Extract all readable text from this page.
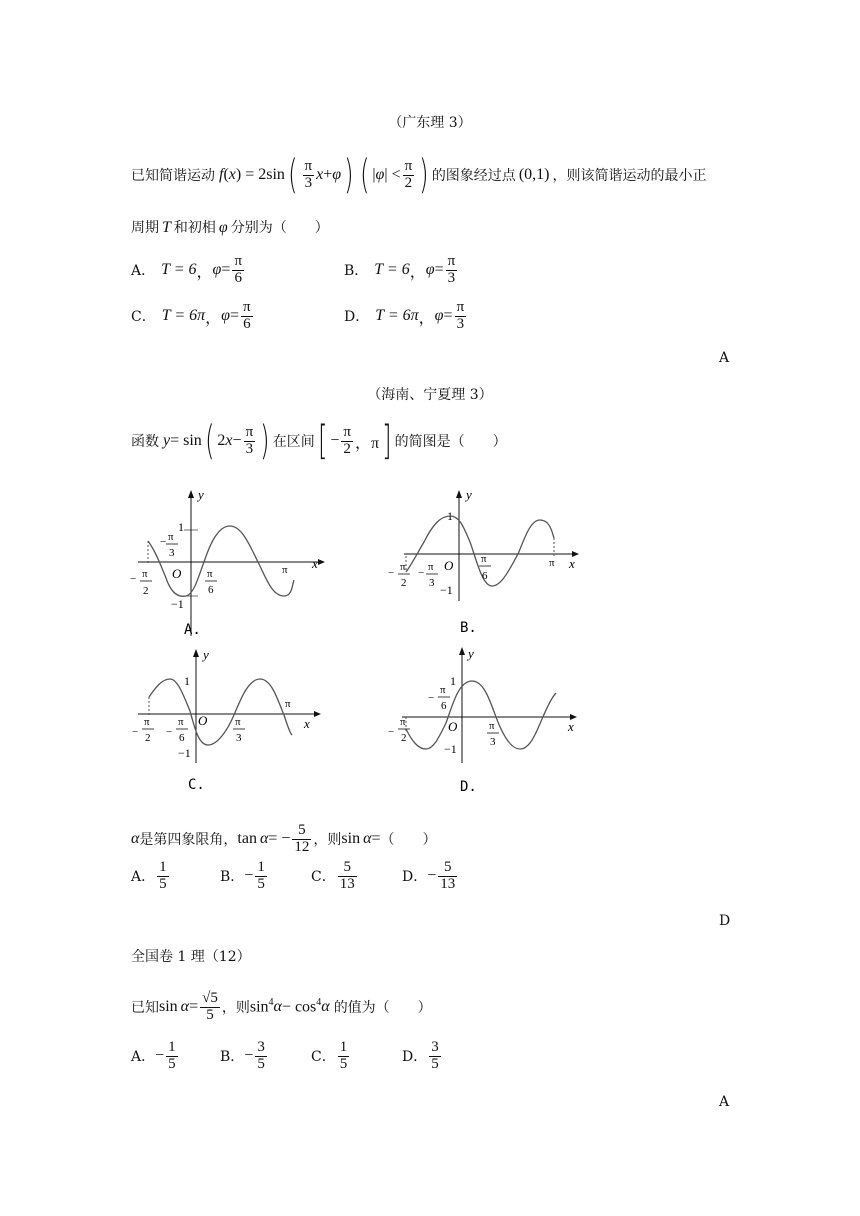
（广东理 3）
已知简谐运动 f ( x ) = 2sin ( $\frac{\pi}{3}$ x + φ ) ( | φ | < $\frac{\pi}{2}$ ) 的图象经过点 (0,1) ，则该简谐运动的最小正
周期 T 和初相 φ 分别为（　　）
A． T = 6 ， $\varphi = \frac{\pi}{6}$	B． T = 6 ， $\varphi = \frac{\pi}{3}$
C． T = 6π ， $\varphi = \frac{\pi}{6}$	D． T = 6π ， $\varphi = \frac{\pi}{3}$
A
（海南、宁夏理 3）
函数 y = sin ( 2 $x - \frac{\pi}{3}$ ) 在区间 [ − $\frac{\pi}{2}$ ，π ] 的简图是（　　）
y
x
1
−1
O
− π
3
− π
2
π
6
π
A.
y
x
1
−1
O
− π
2
− π
3
π
6
π
B.
y
x
1
−1
O
−
π
2 −
π
6
π
3
π
C.
y
x
1
−1
O
−
π
2
−
π
6
π
3
D.
α 是第四象限角， tan α = − $\frac{5}{12}$ ，则 sin α = （　　）
A． $\frac{1}{5}$	B． − $\frac{1}{5}$	C． $\frac{5}{13}$	D． − $\frac{5}{13}$
D
全国卷 1 理（12）
已知 $\sin \alpha = \frac{√5}{5}$ ，则 $\sin^4 \alpha - \cos^4 \alpha$ 的值为（　　）
A． − $\frac{1}{5}$	B． − $\frac{3}{5}$	C． $\frac{1}{5}$	D． $\frac{3}{5}$
A
